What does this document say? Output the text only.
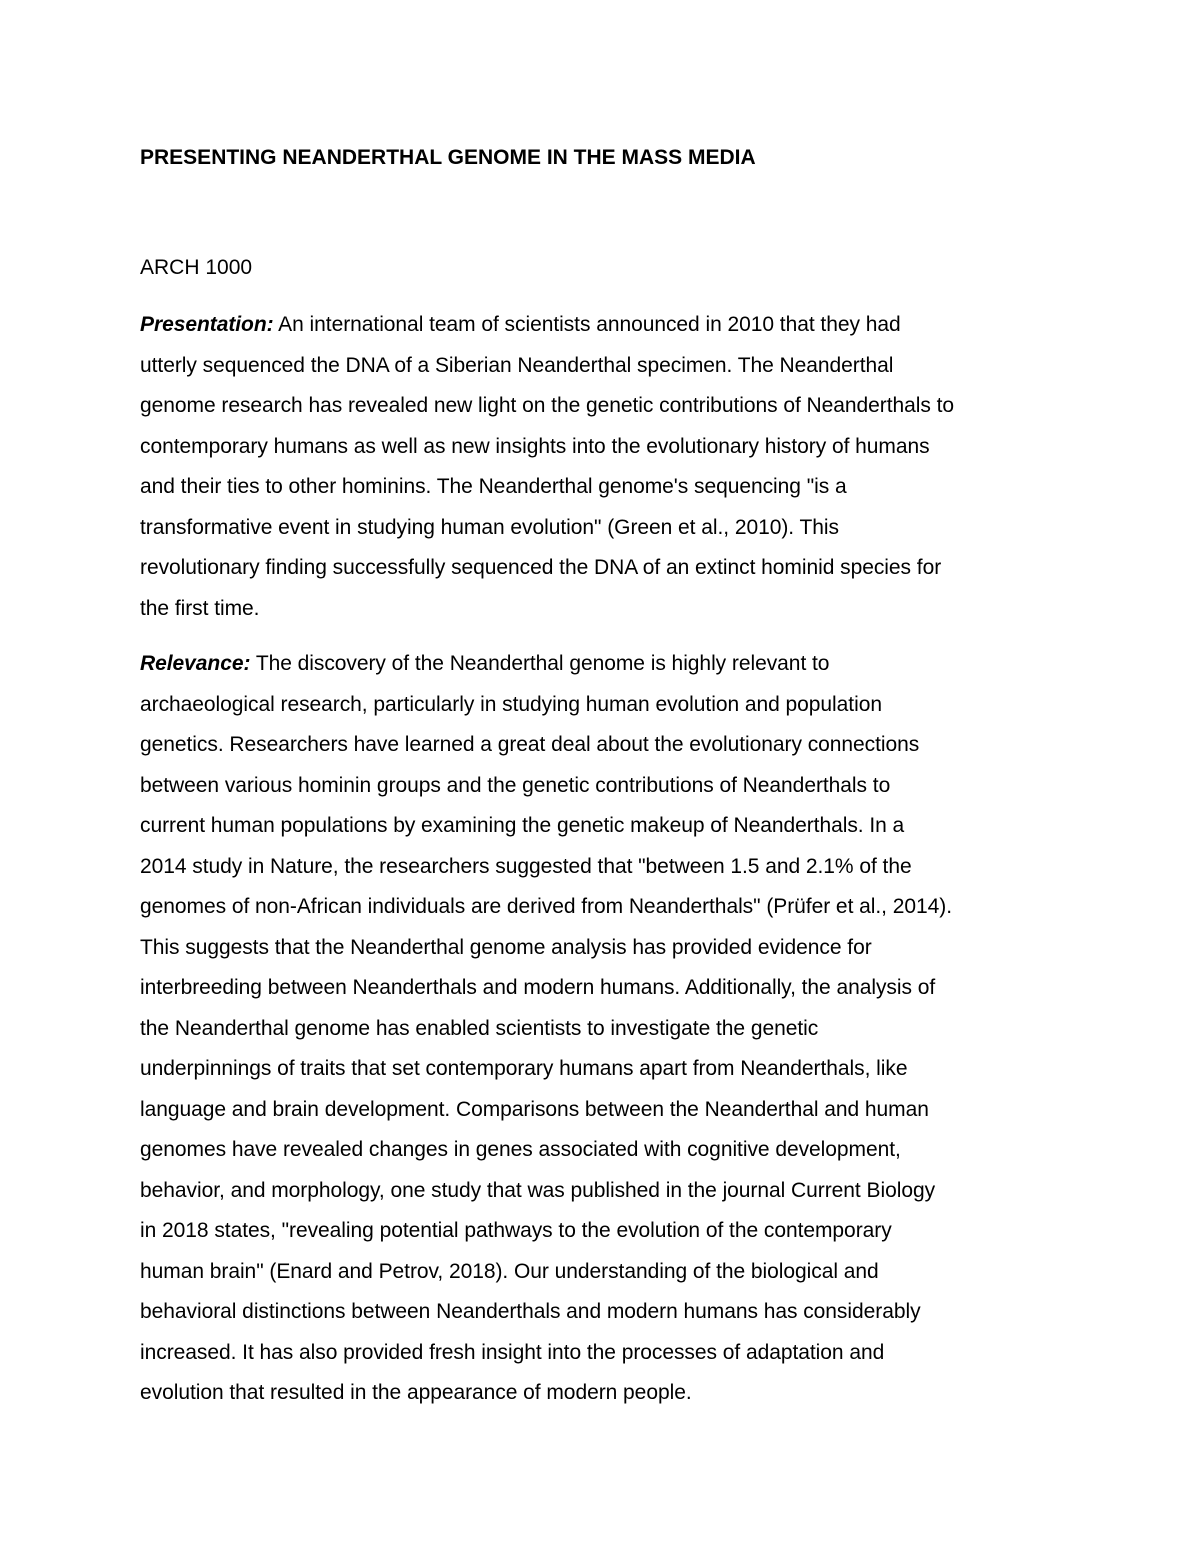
PRESENTING NEANDERTHAL GENOME IN THE MASS MEDIA

ARCH 1000

Presentation: An international team of scientists announced in 2010 that they had
utterly sequenced the DNA of a Siberian Neanderthal specimen. The Neanderthal
genome research has revealed new light on the genetic contributions of Neanderthals to
contemporary humans as well as new insights into the evolutionary history of humans
and their ties to other hominins. The Neanderthal genome's sequencing "is a
transformative event in studying human evolution" (Green et al., 2010). This
revolutionary finding successfully sequenced the DNA of an extinct hominid species for
the first time.

Relevance: The discovery of the Neanderthal genome is highly relevant to
archaeological research, particularly in studying human evolution and population
genetics. Researchers have learned a great deal about the evolutionary connections
between various hominin groups and the genetic contributions of Neanderthals to
current human populations by examining the genetic makeup of Neanderthals. In a
2014 study in Nature, the researchers suggested that "between 1.5 and 2.1% of the
genomes of non-African individuals are derived from Neanderthals" (Prüfer et al., 2014).
This suggests that the Neanderthal genome analysis has provided evidence for
interbreeding between Neanderthals and modern humans. Additionally, the analysis of
the Neanderthal genome has enabled scientists to investigate the genetic
underpinnings of traits that set contemporary humans apart from Neanderthals, like
language and brain development. Comparisons between the Neanderthal and human
genomes have revealed changes in genes associated with cognitive development,
behavior, and morphology, one study that was published in the journal Current Biology
in 2018 states, "revealing potential pathways to the evolution of the contemporary
human brain" (Enard and Petrov, 2018). Our understanding of the biological and
behavioral distinctions between Neanderthals and modern humans has considerably
increased. It has also provided fresh insight into the processes of adaptation and
evolution that resulted in the appearance of modern people.
